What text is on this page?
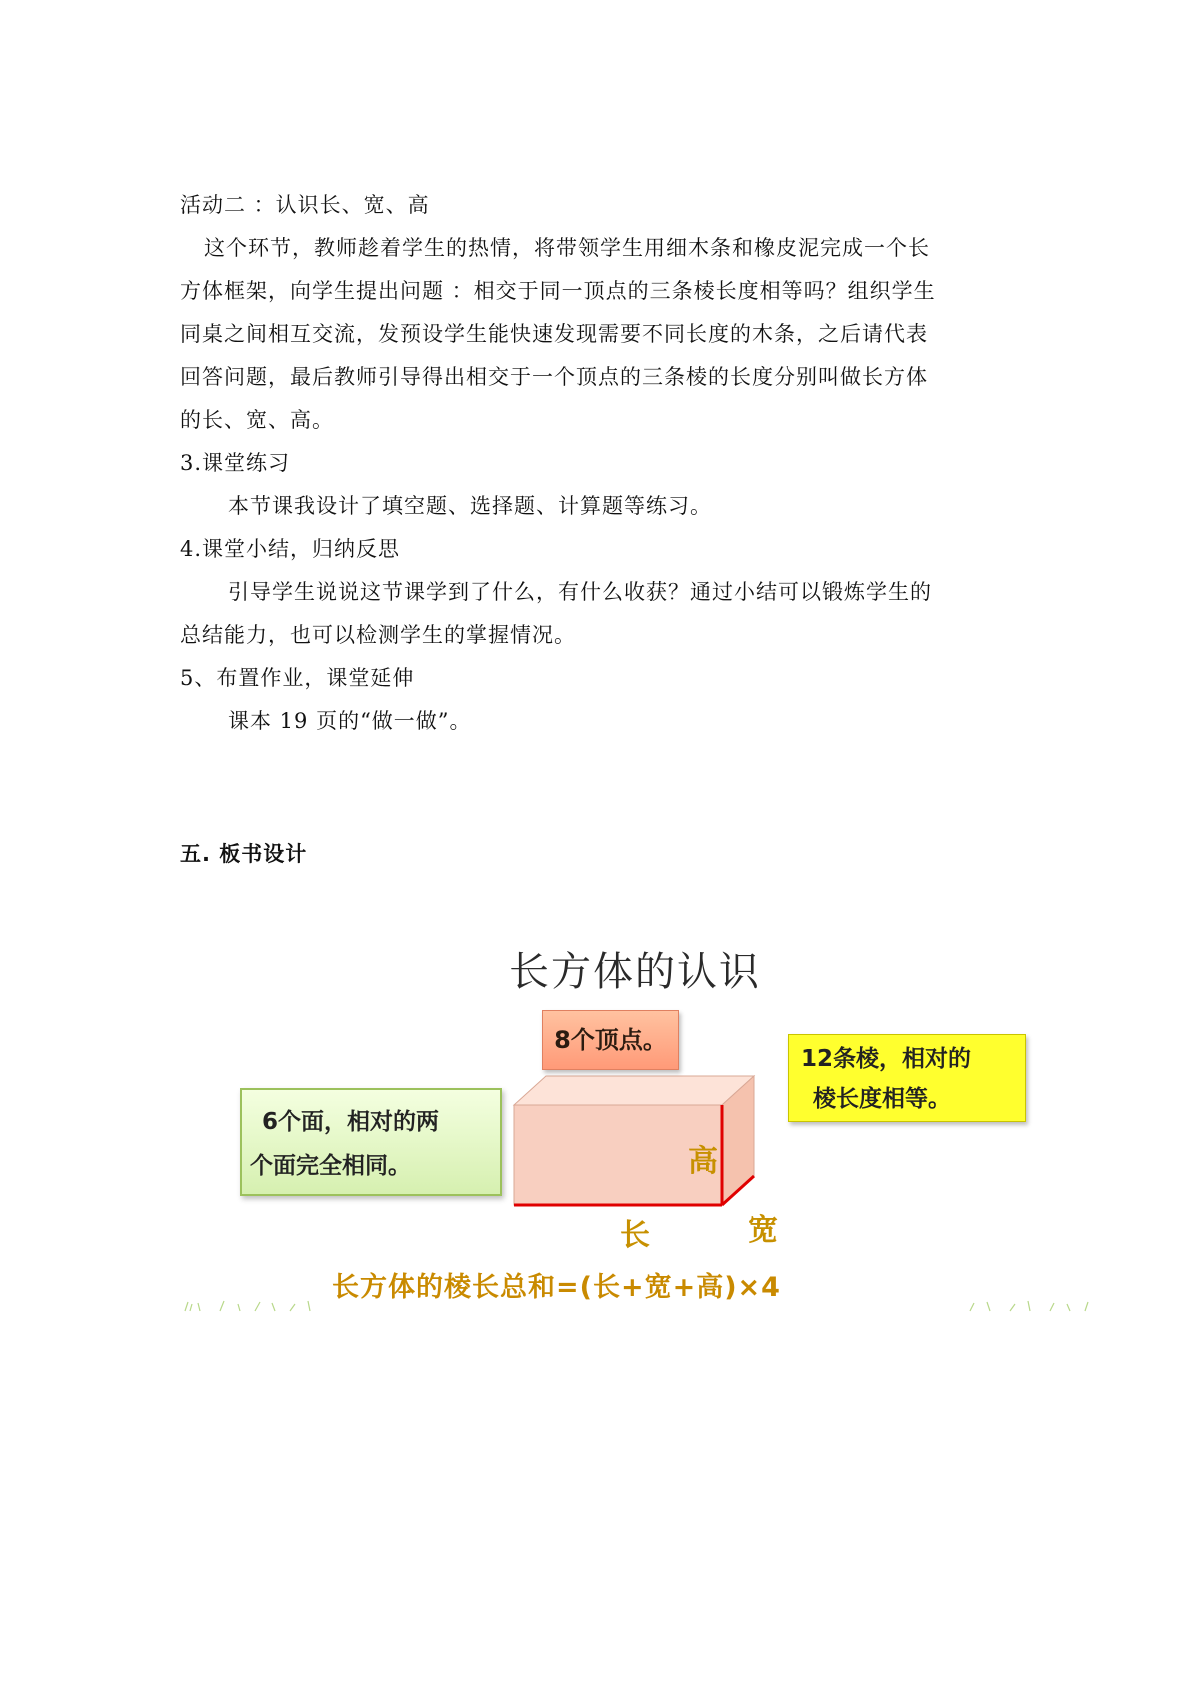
活动二 ：认识长、宽、高
这个环节，教师趁着学生的热情，将带领学生用细木条和橡皮泥完成一个长
方体框架，向学生提出问题 ：相交于同一顶点的三条棱长度相等吗？组织学生
同桌之间相互交流，发预设学生能快速发现需要不同长度的木条，之后请代表
回答问题，最后教师引导得出相交于一个顶点的三条棱的长度分别叫做长方体
的长、宽、高。
3.课堂练习
本节课我设计了填空题、选择题、计算题等练习。
4.课堂小结，归纳反思
引导学生说说这节课学到了什么，有什么收获？通过小结可以锻炼学生的
总结能力，也可以检测学生的掌握情况。
5、布置作业，课堂延伸
课本 19 页的“做一做”。
五. 板书设计
长方体的认识
8个顶点。
6个面，相对的两
个面完全相同。
12条棱，相对的
棱长度相等。
高
长	宽
长方体的棱长总和=(长+宽+高)×4
